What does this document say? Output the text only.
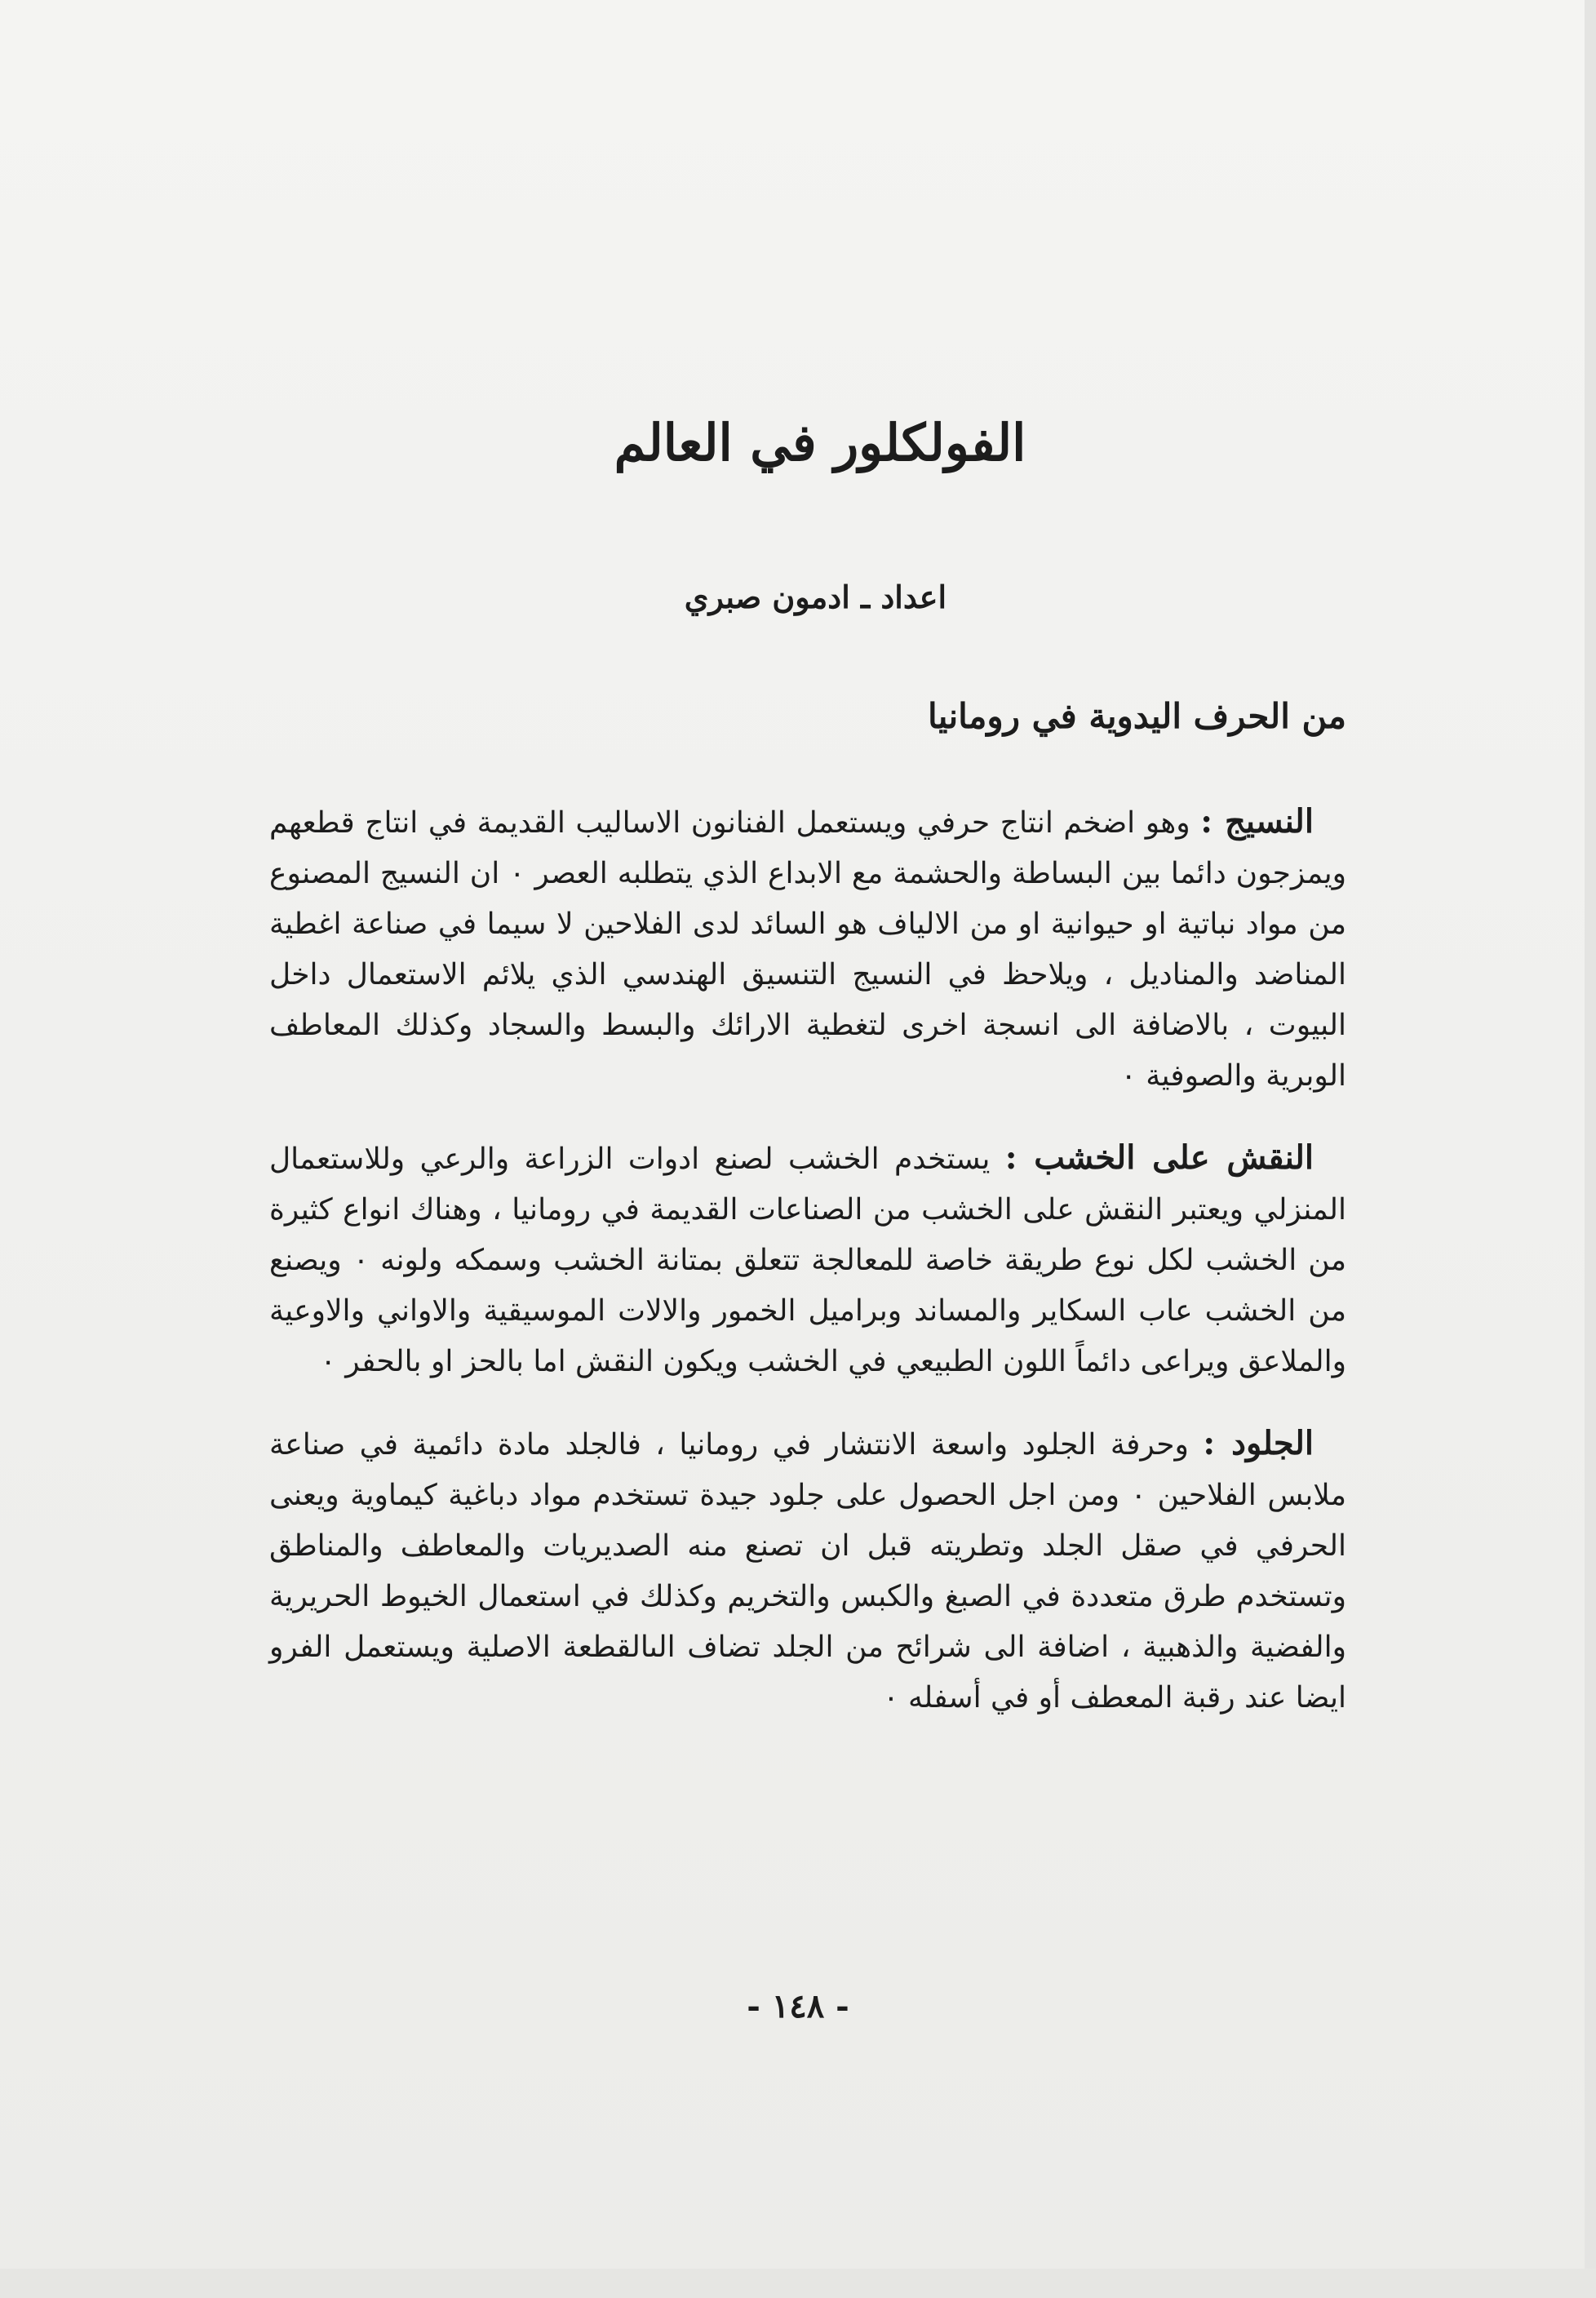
الفولكلور في العالم
اعداد ـ ادمون صبري
من الحرف اليدوية في رومانيا

النسيج : وهو اضخم انتاج حرفي ويستعمل الفنانون الاساليب القديمة في انتاج قطعهم ويمزجون دائما بين البساطة والحشمة مع الابداع الذي يتطلبه العصر ٠ ان النسيج المصنوع من مواد نباتية او حيوانية او من الالياف هو السائد لدى الفلاحين لا سيما في صناعة اغطية المناضد والمناديل ، ويلاحظ في النسيج التنسيق الهندسي الذي يلائم الاستعمال داخل البيوت ، بالاضافة الى انسجة اخرى لتغطية الارائك والبسط والسجاد وكذلك المعاطف الوبرية والصوفية ٠

النقش على الخشب : يستخدم الخشب لصنع ادوات الزراعة والرعي وللاستعمال المنزلي ويعتبر النقش على الخشب من الصناعات القديمة في رومانيا ، وهناك انواع كثيرة من الخشب لكل نوع طريقة خاصة للمعالجة تتعلق بمتانة الخشب وسمكه ولونه ٠ ويصنع من الخشب عاب السكاير والمساند وبراميل الخمور والالات الموسيقية والاواني والاوعية والملاعق ويراعى دائماً اللون الطبيعي في الخشب ويكون النقش اما بالحز او بالحفر ٠

الجلود : وحرفة الجلود واسعة الانتشار في رومانيا ، فالجلد مادة دائمية في صناعة ملابس الفلاحين ٠ ومن اجل الحصول على جلود جيدة تستخدم مواد دباغية كيماوية ويعنى الحرفي في صقل الجلد وتطريته قبل ان تصنع منه الصديريات والمعاطف والمناطق وتستخدم طرق متعددة في الصبغ والكبس والتخريم وكذلك في استعمال الخيوط الحريرية والفضية والذهبية ، اضافة الى شرائح من الجلد تضاف الىالقطعة الاصلية ويستعمل الفرو ايضا عند رقبة المعطف أو في أسفله ٠

- ١٤٨ -
